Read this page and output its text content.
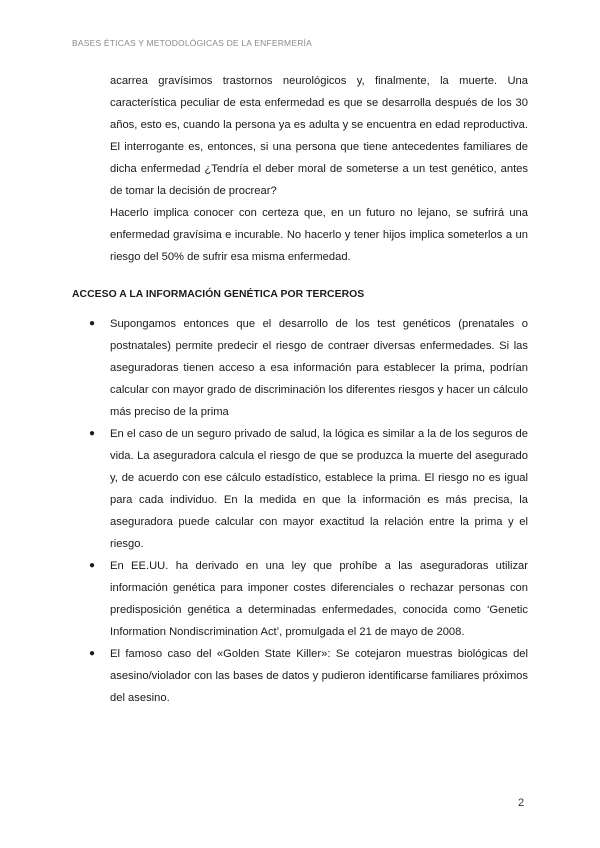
BASES ÉTICAS Y METODOLÓGICAS DE LA ENFERMERÍA

acarrea gravísimos trastornos neurológicos y, finalmente, la muerte. Una característica peculiar de esta enfermedad es que se desarrolla después de los 30 años, esto es, cuando la persona ya es adulta y se encuentra en edad reproductiva. El interrogante es, entonces, si una persona que tiene antecedentes familiares de dicha enfermedad ¿Tendría el deber moral de someterse a un test genético, antes de tomar la decisión de procrear?

Hacerlo implica conocer con certeza que, en un futuro no lejano, se sufrirá una enfermedad gravísima e incurable. No hacerlo y tener hijos implica someterlos a un riesgo del 50% de sufrir esa misma enfermedad.

ACCESO A LA INFORMACIÓN GENÉTICA POR TERCEROS
● Supongamos entonces que el desarrollo de los test genéticos (prenatales o postnatales) permite predecir el riesgo de contraer diversas enfermedades. Si las aseguradoras tienen acceso a esa información para establecer la prima, podrían calcular con mayor grado de discriminación los diferentes riesgos y hacer un cálculo más preciso de la prima
● En el caso de un seguro privado de salud, la lógica es similar a la de los seguros de vida. La aseguradora calcula el riesgo de que se produzca la muerte del asegurado y, de acuerdo con ese cálculo estadístico, establece la prima. El riesgo no es igual para cada individuo. En la medida en que la información es más precisa, la aseguradora puede calcular con mayor exactitud la relación entre la prima y el riesgo.
● En EE.UU. ha derivado en una ley que prohíbe a las aseguradoras utilizar información genética para imponer costes diferenciales o rechazar personas con predisposición genética a determinadas enfermedades, conocida como ‘Genetic Information Nondiscrimination Act’, promulgada el 21 de mayo de 2008.
● El famoso caso del «Golden State Killer»: Se cotejaron muestras biológicas del asesino/violador con las bases de datos y pudieron identificarse familiares próximos del asesino.
2
